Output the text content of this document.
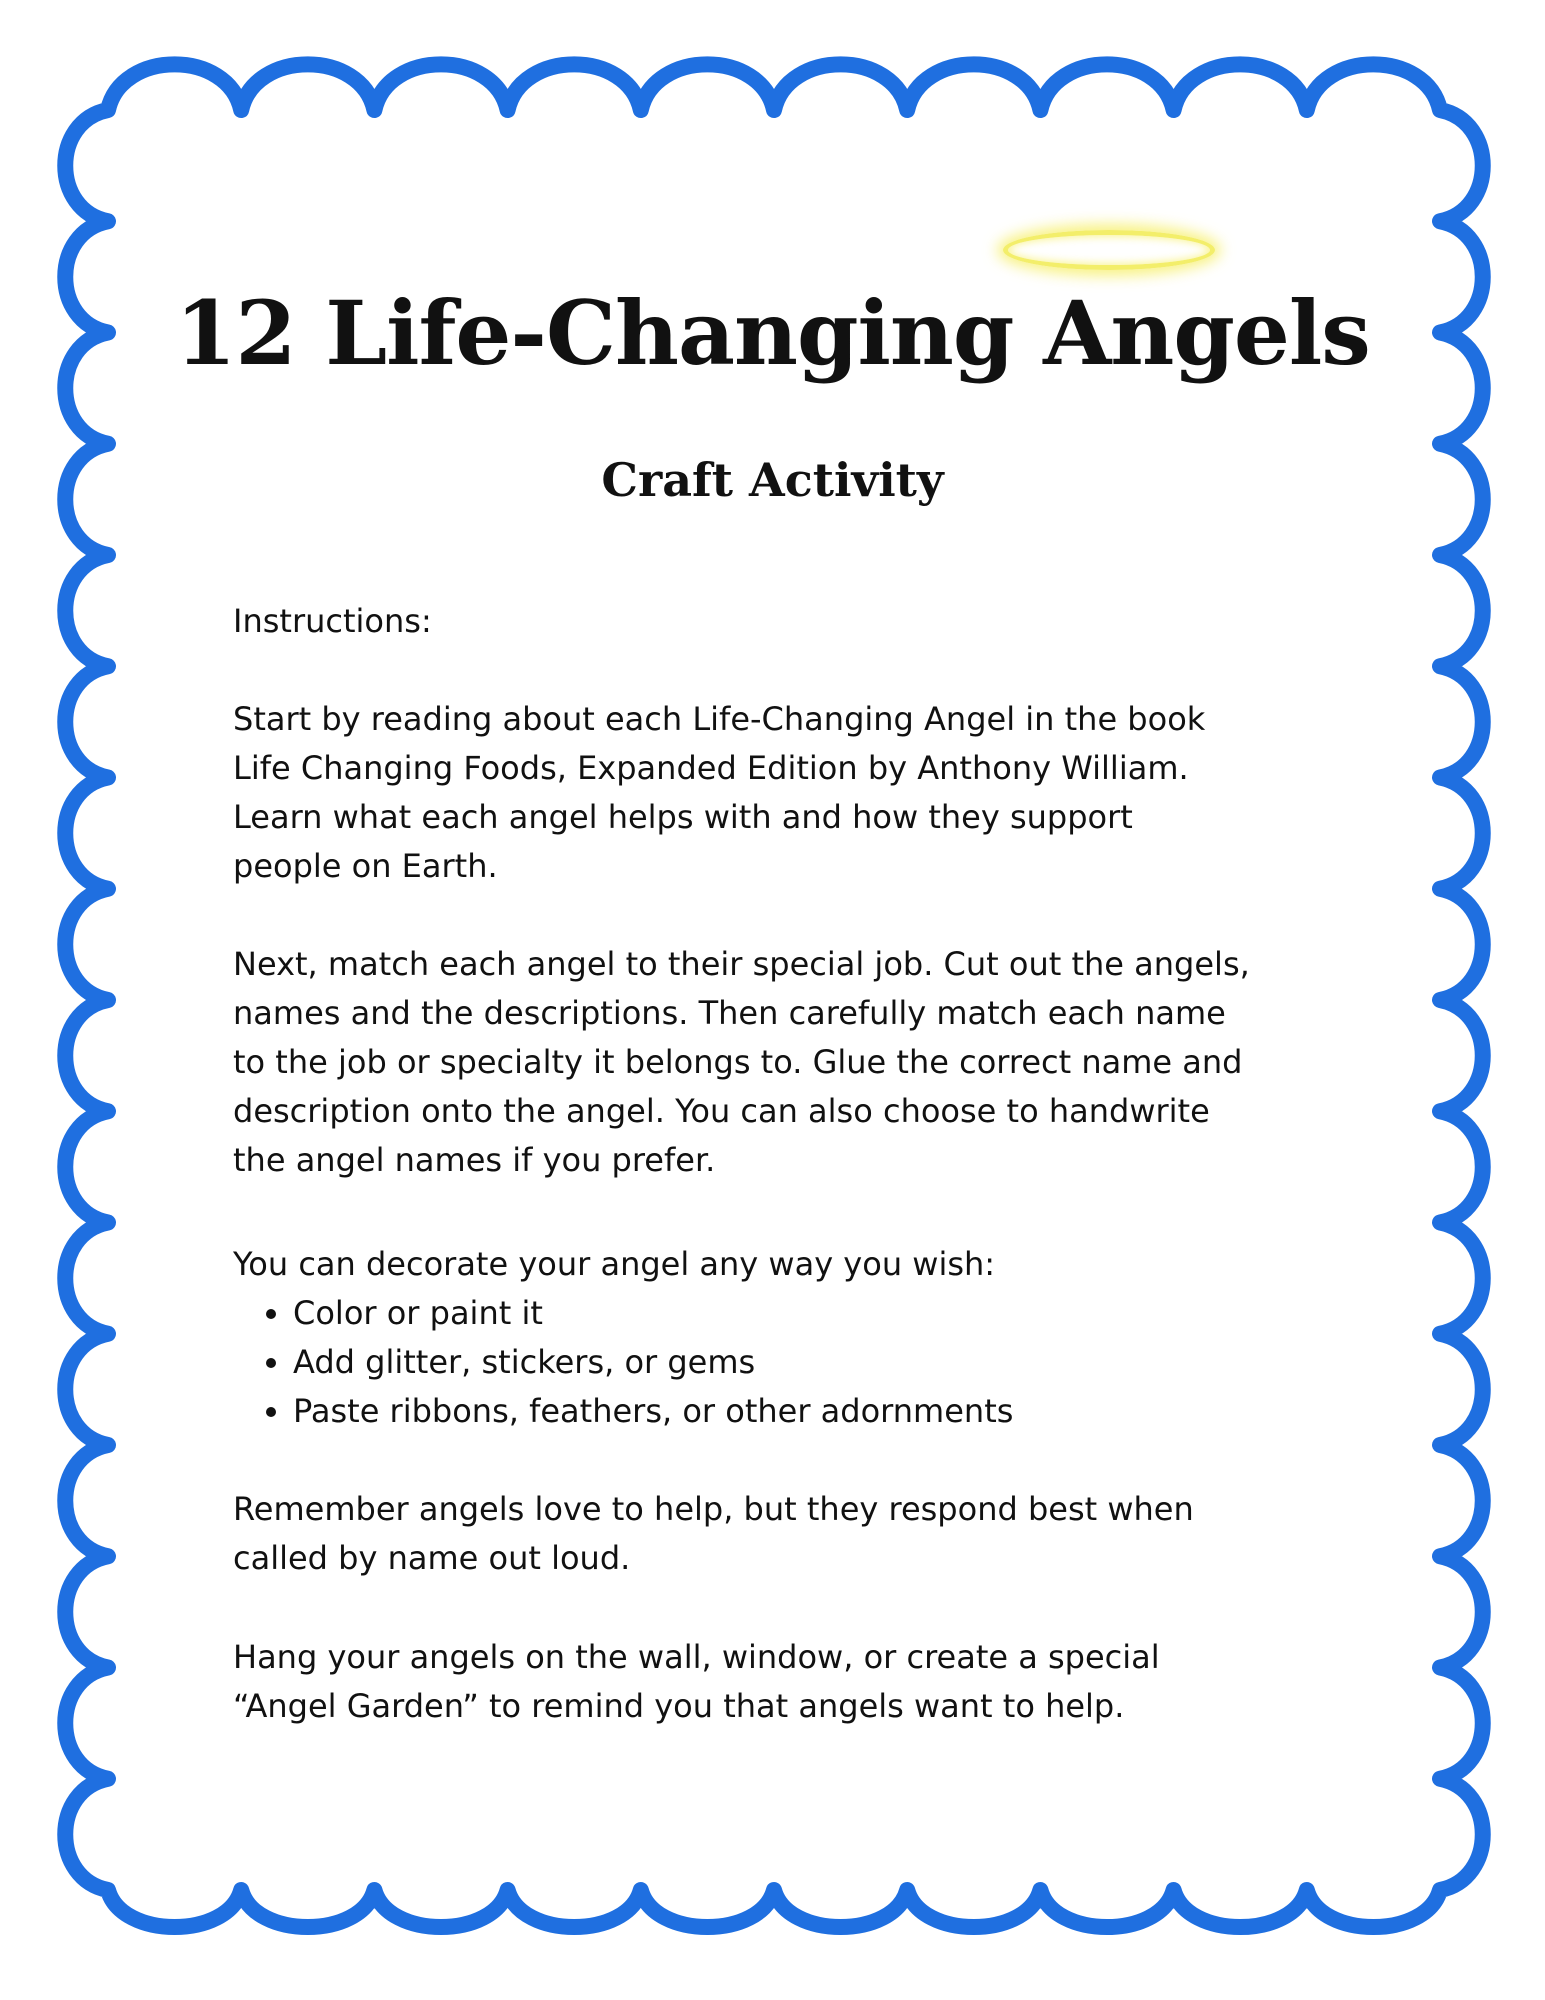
12 Life-Changing Angels
Craft Activity

Instructions:

Start by reading about each Life-Changing Angel in the book

Life Changing Foods, Expanded Edition by Anthony William.

Learn what each angel helps with and how they support

people on Earth.

Next, match each angel to their special job. Cut out the angels,

names and the descriptions. Then carefully match each name

to the job or specialty it belongs to. Glue the correct name and

description onto the angel. You can also choose to handwrite

the angel names if you prefer.

You can decorate your angel any way you wish:

• Color or paint it
• Add glitter, stickers, or gems
• Paste ribbons, feathers, or other adornments

Remember angels love to help, but they respond best when

called by name out loud.

Hang your angels on the wall, window, or create a special

“Angel Garden” to remind you that angels want to help.
